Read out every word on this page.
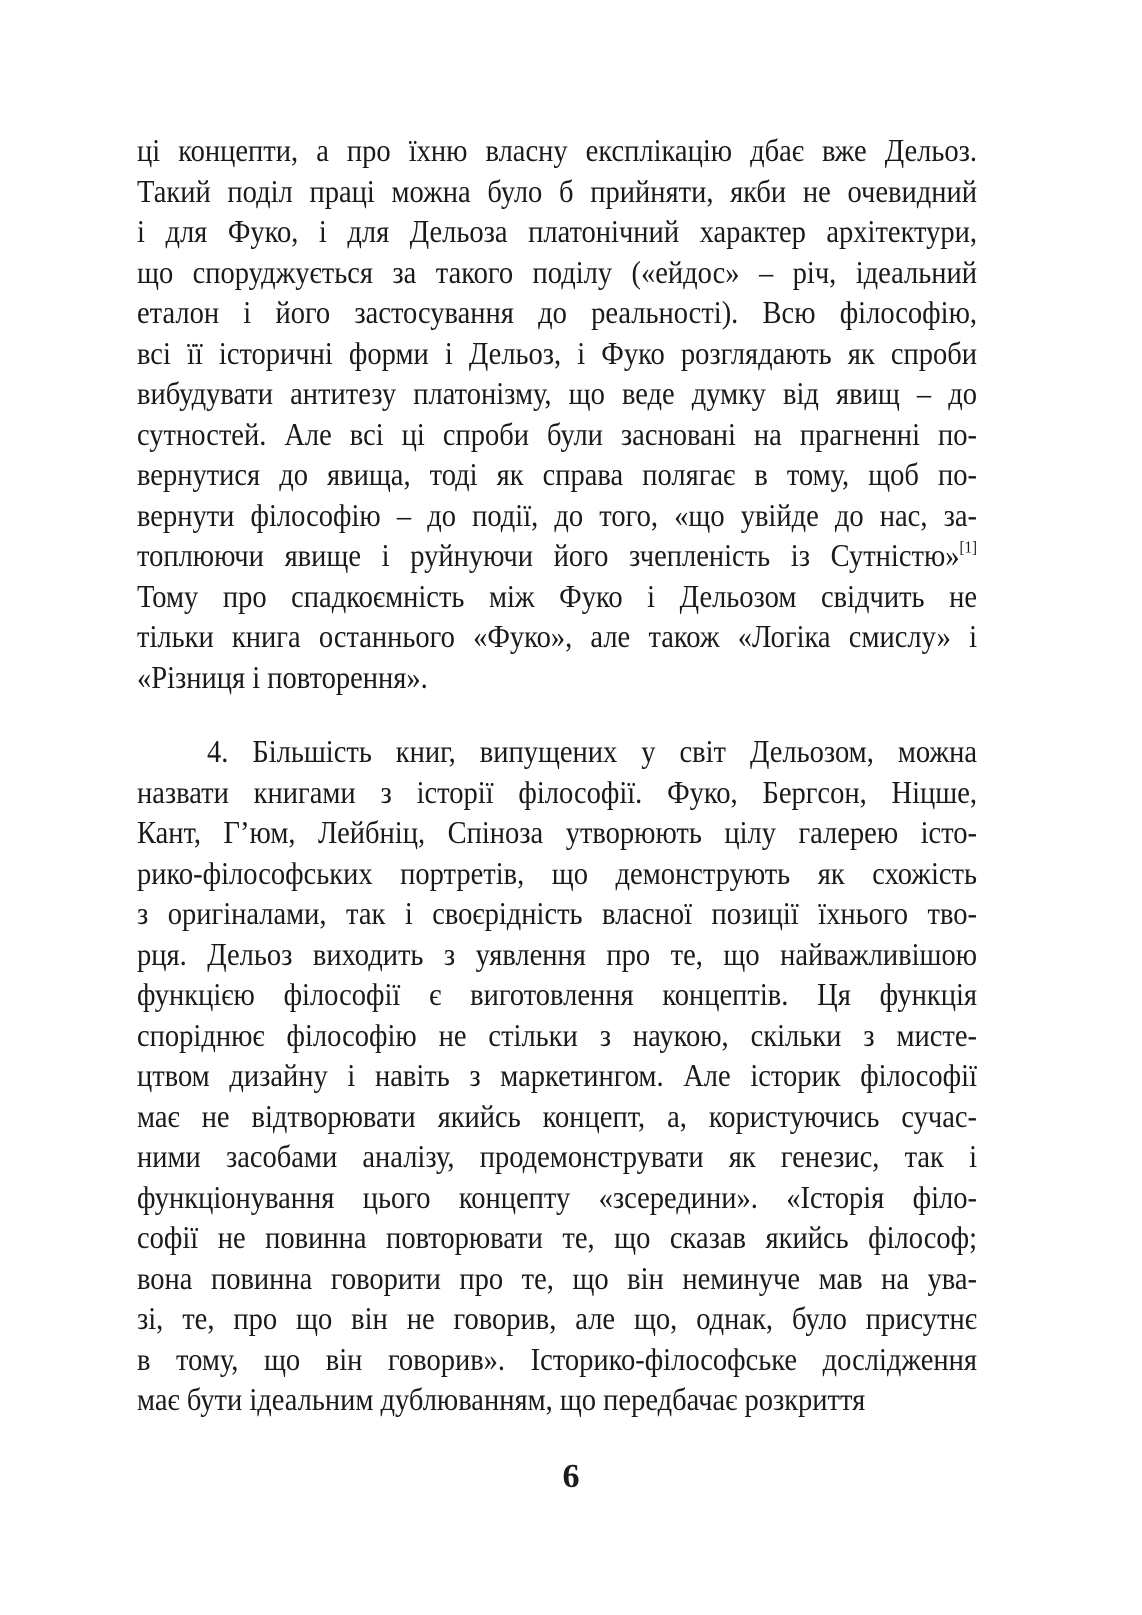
ці концепти, а про їхню власну експлікацію дбає вже Дельоз.
Такий поділ праці можна було б прийняти, якби не очевидний
і для Фуко, і для Дельоза платонічний характер архітектури,
що споруджується за такого поділу («ейдос» – річ, ідеальний
еталон і його застосування до реальності). Всю філософію,
всі її історичні форми і Дельоз, і Фуко розглядають як спроби
вибудувати антитезу платонізму, що веде думку від явищ – до
сутностей. Але всі ці спроби були засновані на прагненні по-
вернутися до явища, тоді як справа полягає в тому, щоб по-
вернути філософію – до події, до того, «що увійде до нас, за-
топлюючи явище і руйнуючи його зчепленість із Сутністю»[1]
Тому про спадкоємність між Фуко і Дельозом свідчить не
тільки книга останнього «Фуко», але також «Логіка смислу» і
«Різниця і повторення».
4. Більшість книг, випущених у світ Дельозом, можна
назвати книгами з історії філософії. Фуко, Бергсон, Ніцше,
Кант, Г’юм, Лейбніц, Спіноза утворюють цілу галерею істо-
рико-філософських портретів, що демонструють як схожість
з оригіналами, так і своєрідність власної позиції їхнього тво-
рця. Дельоз виходить з уявлення про те, що найважливішою
функцією філософії є виготовлення концептів. Ця функція
споріднює філософію не стільки з наукою, скільки з мисте-
цтвом дизайну і навіть з маркетингом. Але історик філософії
має не відтворювати якийсь концепт, а, користуючись сучас-
ними засобами аналізу, продемонструвати як генезис, так і
функціонування цього концепту «зсередини». «Історія філо-
софії не повинна повторювати те, що сказав якийсь філософ;
вона повинна говорити про те, що він неминуче мав на ува-
зі, те, про що він не говорив, але що, однак, було присутнє
в тому, що він говорив». Історико-філософське дослідження
має бути ідеальним дублюванням, що передбачає розкриття
6
